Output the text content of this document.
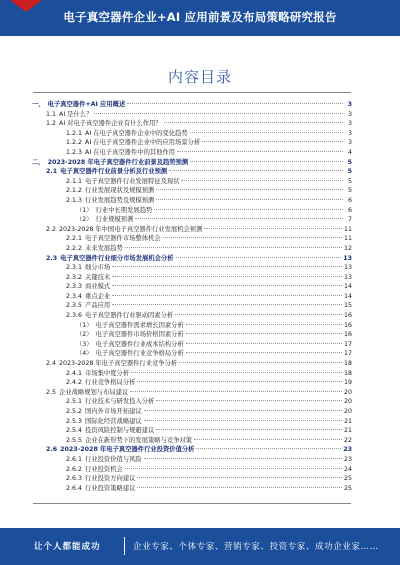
电子真空器件企业+AI 应用前景及布局策略研究报告
内容目录
一、 电子真空器件+AI 应用概述	3
1.1 AI 是什么？	3
1.2 AI 对电子真空器件企业有什么作用？	3
1.2.1 AI 在电子真空器件企业中的变化趋势	3
1.2.2 AI 在电子真空器件企业中的应用场景分析	3
1.2.3 AI 在电子真空器件中的其他作用	4
二、 2023-2028 年电子真空器件行业前景及趋势预测	5
2.1 电子真空器件行业前景分析及行业预测	5
2.1.1 电子真空器件行业发展特征及现状	5
2.1.2 行业发展现状及规模预测	5
2.1.3 行业发展趋势及规模预测	6
（1） 行业中长期发展趋势	6
（2） 行业规模预测	7
2.2 2023-2028 年中国电子真空器件行业发展机会预测	11
2.2.1 电子真空器件市场整体机会	11
2.2.2 未来发展趋势	12
2.3 电子真空器件行业细分市场发展机会分析	13
2.3.1 细分市场	13
2.3.2 关键技术	13
2.3.3 商业模式	14
2.3.4 重点企业	14
2.3.5 产品应用	15
2.3.6 电子真空器件行业驱动因素分析	16
（1） 电子真空器件需求增长因素分析	16
（2） 电子真空器件市场价格因素分析	16
（3） 电子真空器件行业成本结构分析	17
（4） 电子真空器件行业竞争格局分析	17
2.4 2023-2028 年电子真空器件行业竞争分析	18
2.4.1 市场集中度分析	18
2.4.2 行业竞争格局分析	19
2.5 企业战略规划与布局建议	20
2.5.1 行业技术与研发投入分析	20
2.5.2 国内外市场开拓建议	20
2.5.3 国际化经营战略建议	21
2.5.4 投资风险控制与规避建议	21
2.5.5 企业在新形势下的发展策略与竞争对策	22
2.6 2023-2028 年电子真空器件行业投资价值分析	23
2.6.1 行业投资价值与风险	23
2.6.2 行业投资机会	24
2.6.3 行业投资方向建议	25
2.6.4 行业投资策略建议	25
让个人都能成功	企业专家、个体专家、营销专家、投资专家、成功企业家……
